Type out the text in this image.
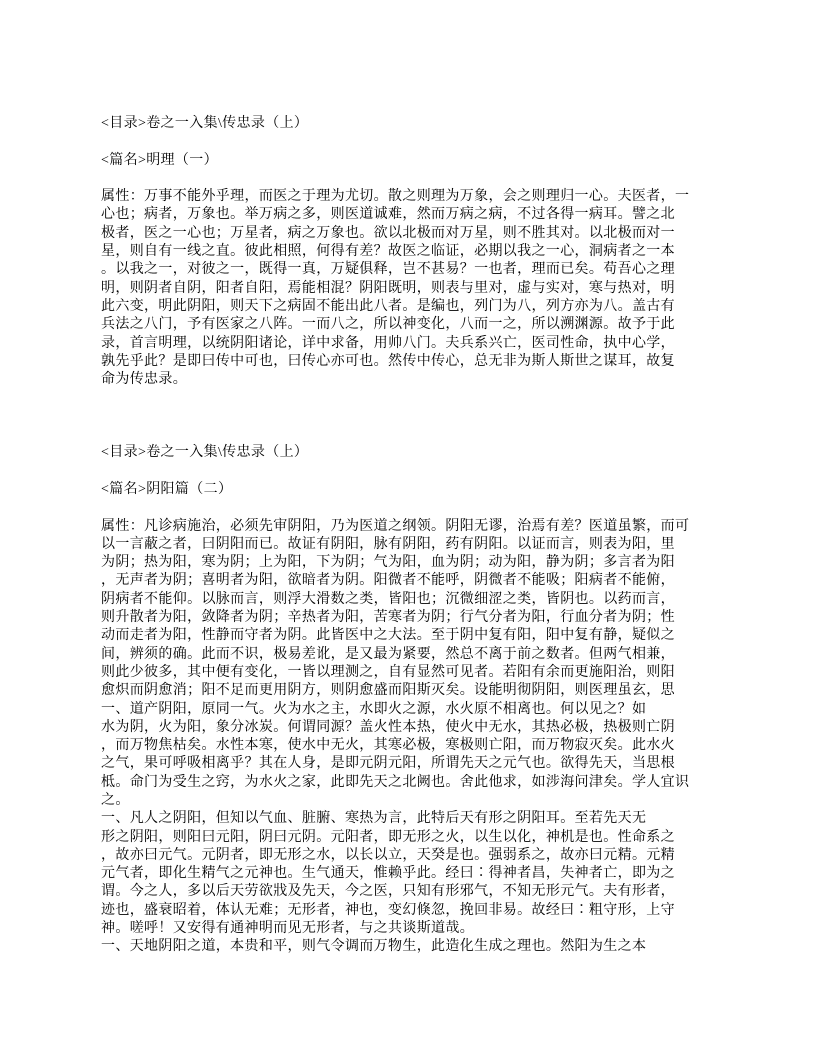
<目录>卷之一入集\传忠录（上）
<篇名>明理（一）
属性：万事不能外乎理，而医之于理为尤切。散之则理为万象，会之则理归一心。夫医者，一
心也；病者，万象也。举万病之多，则医道诚难，然而万病之病，不过各得一病耳。譬之北
极者，医之一心也；万星者，病之万象也。欲以北极而对万星，则不胜其对。以北极而对一
星，则自有一线之直。彼此相照，何得有差？故医之临证，必期以我之一心，洞病者之一本
。以我之一，对彼之一，既得一真，万疑俱释，岂不甚易？一也者，理而已矣。苟吾心之理
明，则阴者自阴，阳者自阳，焉能相混？阴阳既明，则表与里对，虚与实对，寒与热对，明
此六变，明此阴阳，则天下之病固不能出此八者。是编也，列门为八，列方亦为八。盖古有
兵法之八门，予有医家之八阵。一而八之，所以神变化，八而一之，所以溯渊源。故予于此
录，首言明理，以统阴阳诸论，详中求备，用帅八门。夫兵系兴亡，医司性命，执中心学，
孰先乎此？是即曰传中可也，曰传心亦可也。然传中传心，总无非为斯人斯世之谋耳，故复
命为传忠录。
<目录>卷之一入集\传忠录（上）
<篇名>阴阳篇（二）
属性：凡诊病施治，必须先审阴阳，乃为医道之纲领。阴阳无谬，治焉有差？医道虽繁，而可
以一言蔽之者，曰阴阳而已。故证有阴阳，脉有阴阳，药有阴阳。以证而言，则表为阳，里
为阴；热为阳，寒为阴；上为阳，下为阴；气为阳，血为阴；动为阳，静为阴；多言者为阳
，无声者为阴；喜明者为阳，欲暗者为阴。阳微者不能呼，阴微者不能吸；阳病者不能俯，
阴病者不能仰。以脉而言，则浮大滑数之类，皆阳也；沉微细涩之类，皆阴也。以药而言，
则升散者为阳，敛降者为阴；辛热者为阳，苦寒者为阴；行气分者为阳，行血分者为阴；性
动而走者为阳，性静而守者为阴。此皆医中之大法。至于阴中复有阳，阳中复有静，疑似之
间，辨须的确。此而不识，极易差讹，是又最为紧要，然总不离于前之数者。但两气相兼，
则此少彼多，其中便有变化，一皆以理测之，自有显然可见者。若阳有余而更施阳治，则阳
愈炽而阴愈消；阳不足而更用阴方，则阴愈盛而阳斯灭矣。设能明彻阴阳，则医理虽玄，思
一、道产阴阳，原同一气。火为水之主，水即火之源，水火原不相离也。何以见之？如
水为阴，火为阳，象分冰炭。何谓同源？盖火性本热，使火中无水，其热必极，热极则亡阴
，而万物焦枯矣。水性本寒，使水中无火，其寒必极，寒极则亡阳，而万物寂灭矣。此水火
之气，果可呼吸相离乎？其在人身，是即元阴元阳，所谓先天之元气也。欲得先天，当思根
柢。命门为受生之窍，为水火之家，此即先天之北阙也。舍此他求，如涉海问津矣。学人宜识
之。
一、凡人之阴阳，但知以气血、脏腑、寒热为言，此特后天有形之阴阳耳。至若先天无
形之阴阳，则阳曰元阳，阴曰元阴。元阳者，即无形之火，以生以化，神机是也。性命系之
，故亦曰元气。元阴者，即无形之水，以长以立，天癸是也。强弱系之，故亦曰元精。元精
元气者，即化生精气之元神也。生气通天，惟赖乎此。经曰∶得神者昌，失神者亡，即为之
谓。今之人，多以后天劳欲戕及先天，今之医，只知有形邪气，不知无形元气。夫有形者，
迹也，盛衰昭着，体认无难；无形者，神也，变幻倏忽，挽回非易。故经曰∶粗守形，上守
神。嗟呼！又安得有通神明而见无形者，与之共谈斯道哉。
一、天地阴阳之道，本贵和平，则气令调而万物生，此造化生成之理也。然阳为生之本
